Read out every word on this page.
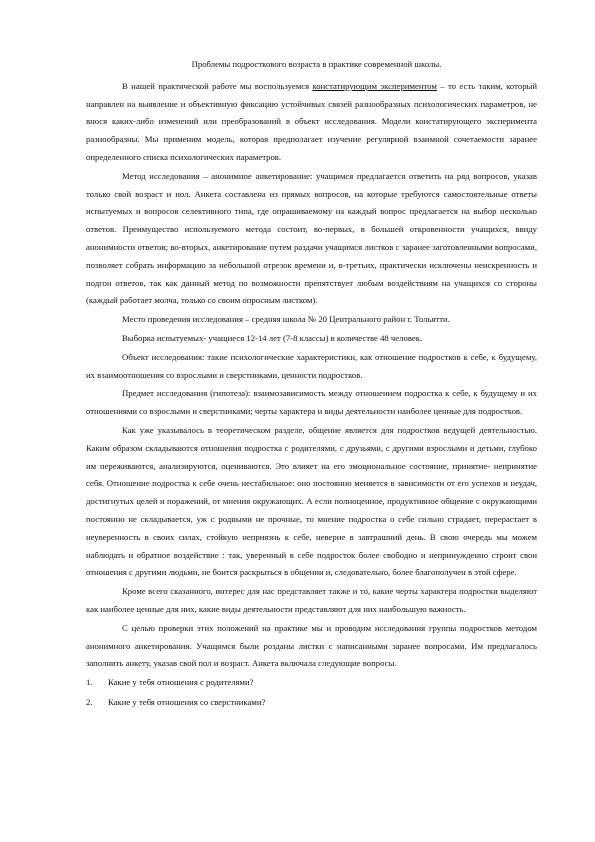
Проблемы подросткового возраста в практике современной школы.

В нашей практической работе мы воспользуемся констатирующим экспериментом – то есть таким, который направлен на выявление и объективную фиксацию устойчивых связей разнообразных психологических параметров, не внося каких-либо изменений или преобразований в объект исследования. Модели констатирующего эксперимента разнообразны. Мы применим модель, которая предполагает изучение регулярной взаимной сочетаемости заранее определенного списка психологических параметров.

Метод исследования – анонимное анкетирование: учащимся предлагается ответить на ряд вопросов, указав только свой возраст и пол. Анкета составлена из прямых вопросов, на которые требуются самостоятельные ответы испытуемых и вопросов селективного типа, где опрашиваемому на каждый вопрос предлагается на выбор несколько ответов. Преимущество используемого метода состоит, во-первых, в большей откровенности учащихся, ввиду анонимности ответов; во-вторых, анкетирование путем раздачи учащимся листков с заранее заготовленными вопросами, позволяет собрать информацию за небольшой отрезок времени и, в-третьих, практически исключены неискренность и подгон ответов, так как данный метод по возможности препятствует любым воздействиям на учащихся со стороны (каждый работает молча, только со своим опросным листком).

Место проведения исследования – средняя школа № 20 Центрального район г. Тольятти.

Выборка испытуемых- учащиеся 12-14 лет (7-8 классы) в количестве 48 человек.

Объект исследования: такие психологические характеристики, как отношение подростков к себе, к будущему, их взаимоотношения со взрослыми и сверстниками, ценности подростков.

Предмет исследования (гипотеза): взаимозависимость между отношением подростка к себе, к будущему и их отношениями со взрослыми и сверстниками; черты характера и виды деятельности наиболее ценные для подростков.

Как уже указывалось в теоретическом разделе, общение является для подростков ведущей деятельностью. Каким образом складываются отношения подростка с родителями, с друзьями, с другими взрослыми и детьми, глубоко им переживаются, анализируются, оцениваются. Это влияет на его эмоциональное состояние, принятие- непринятие себя. Отношение подростка к себе очень нестабильное: оно постоянно меняется в зависимости от его успехов и неудач, достигнутых целей и поражений, от мнения окружающих. А если полноценное, продуктивное общение с окружающими постоянно не складывается, уж с родными не прочные, то мнение подростка о себе сильно страдает, перерастает в неуверенность в своих силах, стойкую неприязнь к себе, неверие в завтрашний день. В свою очередь мы можем наблюдать и обратное воздействие : так, уверенный в себе подросток более свободно и непринужденно строит свои отношения с другими людьми, не боится раскрыться в общении и, следовательно, более благополучен в этой сфере.

Кроме всего сказанного, интерес для нас представляет также и то, какие черты характера подростки выделяют как наиболее ценные для них, какие виды деятельности представляют для них наибольшую важность.

С целью проверки этих положений на практике мы и проводим исследования группы подростков методом анонимного анкетирования. Учащимся были розданы листки с написанными заранее вопросами. Им предлагалось заполнить анкету, указав свой пол и возраст. Анкета включала следующие вопросы.

1.	Какие у тебя отношения с родителями?
2.	Какие у тебя отношения со сверстниками?
